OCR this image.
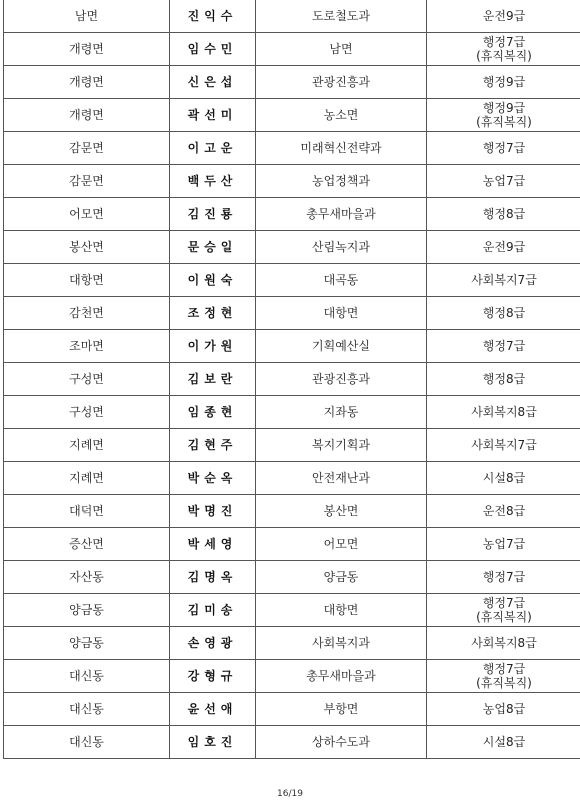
남면	진익수	도로철도과	운전9급
개령면	임수민	남면	행정7급
(휴직복직)
개령면	신은섭	관광진흥과	행정9급
개령면	곽선미	농소면	행정9급
(휴직복직)
감문면	이고운	미래혁신전략과	행정7급
감문면	백두산	농업정책과	농업7급
어모면	김진룡	총무새마을과	행정8급
봉산면	문승일	산림녹지과	운전9급
대항면	이원숙	대곡동	사회복지7급
감천면	조정현	대항면	행정8급
조마면	이가원	기획예산실	행정7급
구성면	김보란	관광진흥과	행정8급
구성면	임종현	지좌동	사회복지8급
지례면	김현주	복지기획과	사회복지7급
지례면	박순옥	안전재난과	시설8급
대덕면	박명진	봉산면	운전8급
증산면	박세영	어모면	농업7급
자산동	김명옥	양금동	행정7급
양금동	김미송	대항면	행정7급
(휴직복직)
양금동	손영광	사회복지과	사회복지8급
대신동	강형규	총무새마을과	행정7급
(휴직복직)
대신동	윤선애	부항면	농업8급
대신동	임호진	상하수도과	시설8급
16/19
